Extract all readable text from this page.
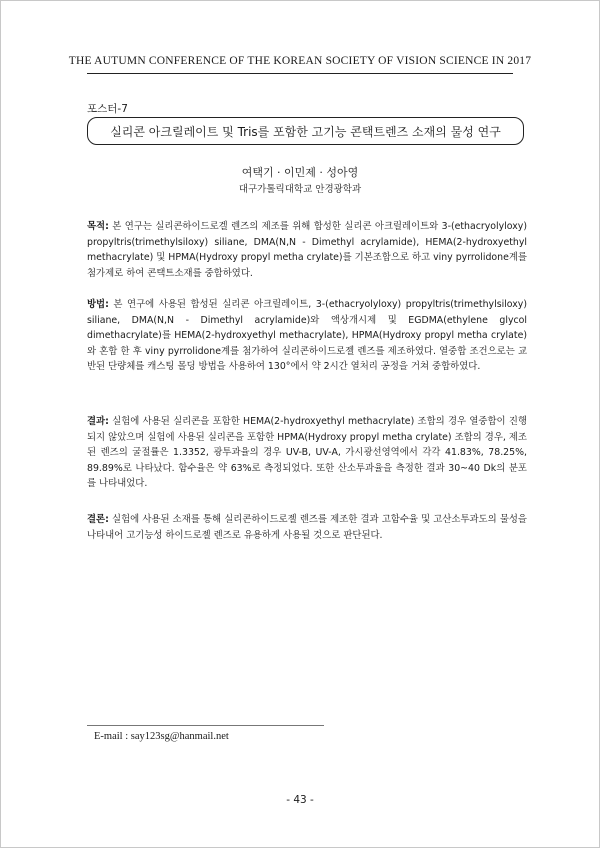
THE AUTUMN CONFERENCE OF THE KOREAN SOCIETY OF VISION SCIENCE IN 2017
포스터-7
실리콘 아크릴레이트 및 Tris를 포함한 고기능 콘택트렌즈 소재의 물성 연구
여택기 · 이민제 · 성아영
대구가톨릭대학교 안경광학과
목적: 본 연구는 실리콘하이드로겔 렌즈의 제조를 위해 합성한 실리콘 아크릴레이트와 3-(ethacryolyloxy) propyltris(trimethylsiloxy) siliane, DMA(N,N - Dimethyl acrylamide), HEMA(2-hydroxyethyl methacrylate) 및 HPMA(Hydroxy propyl metha crylate)를 기본조합으로 하고 viny pyrrolidone계를 첨가제로 하여 콘택트소재를 중합하였다.
방법: 본 연구에 사용된 합성된 실리콘 아크릴레이트, 3-(ethacryolyloxy) propyltris(trimethylsiloxy) siliane, DMA(N,N - Dimethyl acrylamide)와 액상개시제 및 EGDMA(ethylene glycol dimethacrylate)를 HEMA(2-hydroxyethyl methacrylate), HPMA(Hydroxy propyl metha crylate)와 혼합 한 후 viny pyrrolidone계를 첨가하여 실리콘하이드로젤 렌즈를 제조하였다. 열중합 조건으로는 교반된 단량체를 캐스팅 몰딩 방법을 사용하여 130°에서 약 2시간 열처리 공정을 거쳐 중합하였다.
결과: 실험에 사용된 실리콘을 포함한 HEMA(2-hydroxyethyl methacrylate) 조합의 경우 열중합이 진행 되지 않았으며 실험에 사용된 실리콘을 포함한 HPMA(Hydroxy propyl metha crylate) 조합의 경우, 제조된 렌즈의 굴절률은 1.3352, 광투과율의 경우 UV-B, UV-A, 가시광선영역에서 각각 41.83%, 78.25%, 89.89%로 나타났다. 함수율은 약 63%로 측정되었다. 또한 산소투과율을 측정한 결과 30~40 Dk의 분포를 나타내었다.
결론: 실험에 사용된 소재를 통해 실리콘하이드로젤 렌즈를 제조한 결과 고함수율 및 고산소투과도의 물성을 나타내어 고기능성 하이드로젤 렌즈로 유용하게 사용될 것으로 판단된다.
E-mail : say123sg@hanmail.net
- 43 -
